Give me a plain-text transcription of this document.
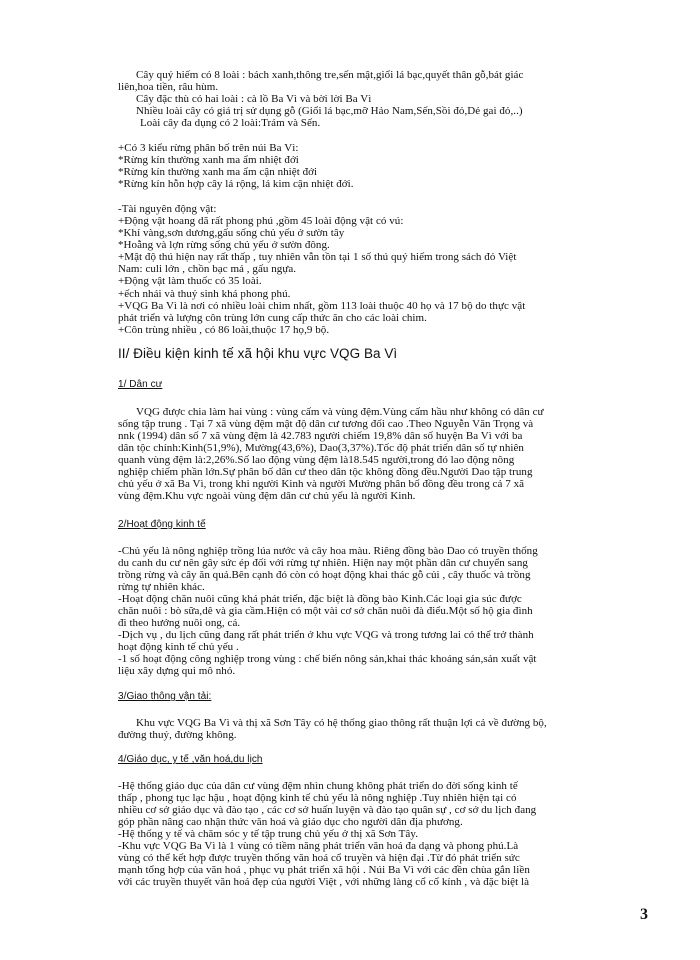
Cây quý hiếm có 8 loài : bách xanh,thông tre,sến mật,giổi lá bạc,quyết thân gỗ,bát giác
liên,hoa tiền, râu hùm.
Cây đặc thù có hai loài : cà lồ Ba Vì và bời lời Ba Vì
Nhiều loài cây có giá trị sử dụng gỗ (Giổi lá bạc,mỡ Hảo Nam,Sến,Sồi đỏ,Dẻ gai đỏ,..)
Loài cây đa dụng có 2 loài:Trám và Sến.
+Có 3 kiểu rừng phân bố trên núi Ba Vì:
*Rừng kín thường xanh ma ẩm nhiệt đới
*Rừng kín thường xanh ma ẩm cận nhiệt đới
*Rừng kín hỗn hợp cây lá rộng, lá kim cận nhiệt đới.
-Tài nguyên động vật:
+Động vật hoang dã rất phong phú ,gồm 45 loài động vật có vú:
*Khỉ vàng,sơn dương,gấu sống chủ yếu ở sườn tây
*Hoẵng và lợn rừng sống chủ yếu ở sườn đông.
+Mật độ thú hiện nay rất thấp , tuy nhiên vẫn tồn tại 1 số thú quý hiếm trong sách đỏ Việt
Nam: culi lớn , chồn bạc má , gấu ngựa.
+Động vật làm thuốc có 35 loài.
+ếch nhái và thuỷ sinh khá phong phú.
+VQG Ba Vì là nơi có nhiều loài chim nhất, gồm 113 loài thuộc 40 họ và 17 bộ do thực vật
phát triển và lượng côn trùng lớn cung cấp thức ăn cho các loài chim.
+Côn trùng nhiều , có 86 loài,thuộc 17 họ,9 bộ.
II/ Điều kiện kinh tế xã hội khu vực VQG Ba Vì
1/ Dân cư
VQG được chia làm hai vùng : vùng cấm và vùng đệm.Vùng cấm hầu như không có dân cư
sống tập trung . Tại 7 xã vùng đệm mật độ dân cư tương đối cao .Theo Nguyễn Văn Trọng và
nnk (1994) dân số 7 xã vùng đệm là 42.783 người chiếm 19,8% dân số huyện Ba Vì với ba
dân tộc chính:Kinh(51,9%), Mường(43,6%), Dao(3,37%).Tốc độ phát triển dân số tự nhiên
quanh vùng đệm là:2,26%.Số lao động vùng đệm là18.545 người,trong đó lao động nông
nghiệp chiếm phần lớn.Sự phân bố dân cư theo dân tộc không đồng đều.Người Dao tập trung
chủ yếu ở xã Ba Vì, trong khi người Kinh và người Mường phân bố đồng đều trong cả 7 xã
vùng đệm.Khu vực ngoài vùng đệm dân cư chủ yếu là người Kinh.
2/Hoạt động kinh tế
-Chủ yếu là nông nghiệp trồng lúa nước và cây hoa màu. Riêng đồng bào Dao có truyền thống
du canh du cư nên gây sức ép đối với rừng tự nhiên. Hiện nay một phần dân cư chuyển sang
trồng rừng và cây ăn quả.Bên cạnh đó còn có hoạt động khai thác gỗ củi , cây thuốc và trồng
rừng tự nhiên khác.
-Hoạt động chăn nuôi cũng khá phát triển, đặc biệt là đồng bào Kinh.Các loại gia súc được
chăn nuôi : bò sữa,dê và gia cầm.Hiện có một vài cơ sở chăn nuôi đà điểu.Một số hộ gia đình
đi theo hướng nuôi ong, cá.
-Dịch vụ , du lịch cũng đang rất phát triển ở khu vực VQG và trong tương lai có thể trở thành
hoạt động kinh tế chủ yếu .
-1 số hoạt động công nghiệp trong vùng : chế biến nông sản,khai thác khoáng sản,sản xuất vật
liệu xây dựng qui mô nhỏ.
3/Giao thông vận tải:
Khu vực VQG Ba Vì và thị xã Sơn Tây có hệ thống giao thông rất thuận lợi cả về đường bộ,
đường thuỷ, đường không.
4/Giáo dục, y tế ,văn hoá,du lịch
-Hệ thống giáo dục của dân cư vùng đệm nhìn chung không phát triển do đời sống kinh tế
thấp , phong tục lạc hậu , hoạt động kinh tế chủ yếu là nông nghiệp .Tuy nhiên hiện tại có
nhiều cơ sở giáo dục và đào tạo , các cơ sở huấn luyện và đào tạo quân sự , cơ sở du lịch đang
góp phần nâng cao nhận thức văn hoá và giáo dục cho người dân địa phương.
-Hệ thống y tế và chăm sóc y tế tập trung chủ yếu ở thị xã Sơn Tây.
-Khu vực VQG Ba Vì là 1 vùng có tiềm năng phát triển văn hoá đa dạng và phong phú.Là
vùng có thể kết hợp được truyền thống văn hoá cổ truyền và hiện đại .Từ đó phát triển sức
mạnh tổng hợp của văn hoá , phục vụ phát triển xã hội . Núi Ba Vì với các đền chùa gắn liền
với các truyền thuyết văn hoá đẹp của người Việt , với những làng cổ cổ kính , và đặc biệt là
3
